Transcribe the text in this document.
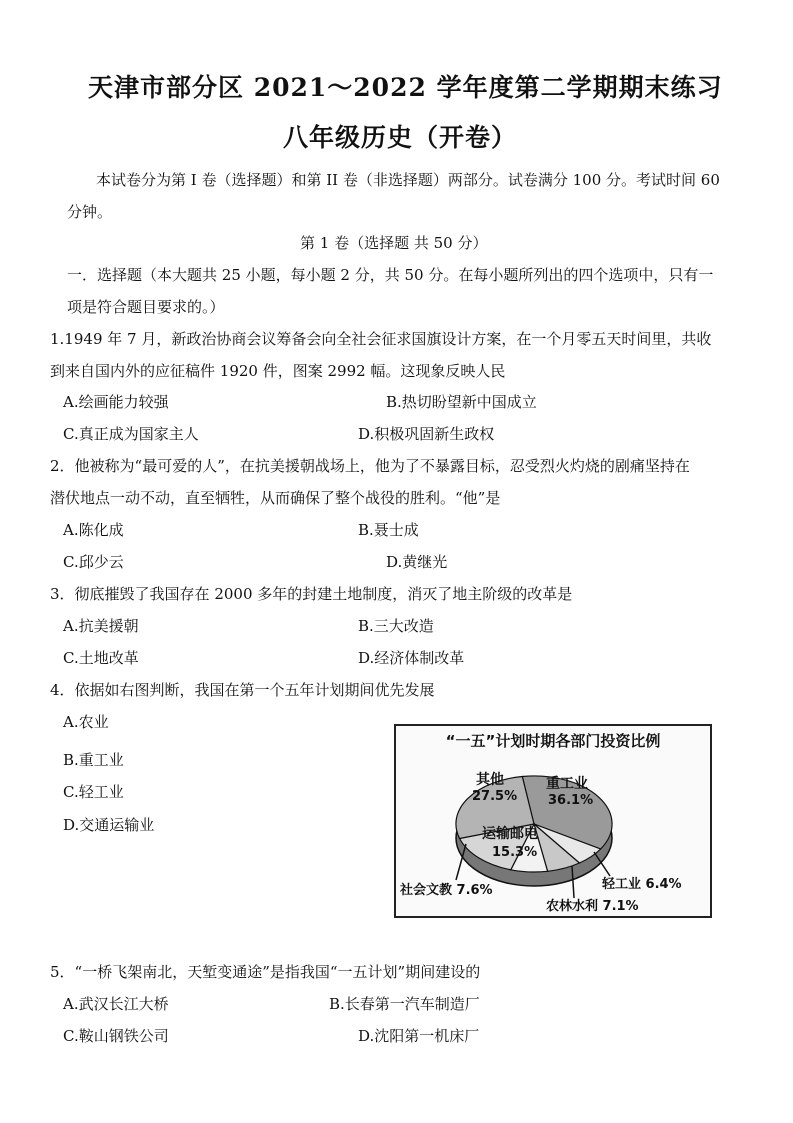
天津市部分区 2021～2022 学年度第二学期期末练习
八年级历史（开卷）
本试卷分为第 I 卷（选择题）和第 II 卷（非选择题）两部分。试卷满分 100 分。考试时间 60
分钟。
第 1 卷（选择题 共 50 分）
一．选择题（本大题共 25 小题，每小题 2 分，共 50 分。在每小题所列出的四个选项中，只有一
项是符合题目要求的。）
1.1949 年 7 月，新政治协商会议筹备会向全社会征求国旗设计方案，在一个月零五天时间里，共收
到来自国内外的应征稿件 1920 件，图案 2992 幅。这现象反映人民
A.绘画能力较强	B.热切盼望新中国成立
C.真正成为国家主人	D.积极巩固新生政权
2．他被称为“最可爱的人”，在抗美援朝战场上，他为了不暴露目标，忍受烈火灼烧的剧痛坚持在
潜伏地点一动不动，直至牺牲，从而确保了整个战役的胜利。“他”是
A.陈化成	B.聂士成
C.邱少云	D.黄继光
3．彻底摧毁了我国存在 2000 多年的封建土地制度，消灭了地主阶级的改革是
A.抗美援朝	B.三大改造
C.土地改革	D.经济体制改革
4．依据如右图判断，我国在第一个五年计划期间优先发展
A.农业
B.重工业
C.轻工业
D.交通运输业
“一五”计划时期各部门投资比例
重工业
36.1%
其他
27.5%
运输邮电
15.3%
轻工业 6.4%
农林水利 7.1%
社会文教 7.6%
5．“一桥飞架南北，天堑变通途”是指我国“一五计划”期间建设的
A.武汉长江大桥	B.长春第一汽车制造厂
C.鞍山钢铁公司	D.沈阳第一机床厂
